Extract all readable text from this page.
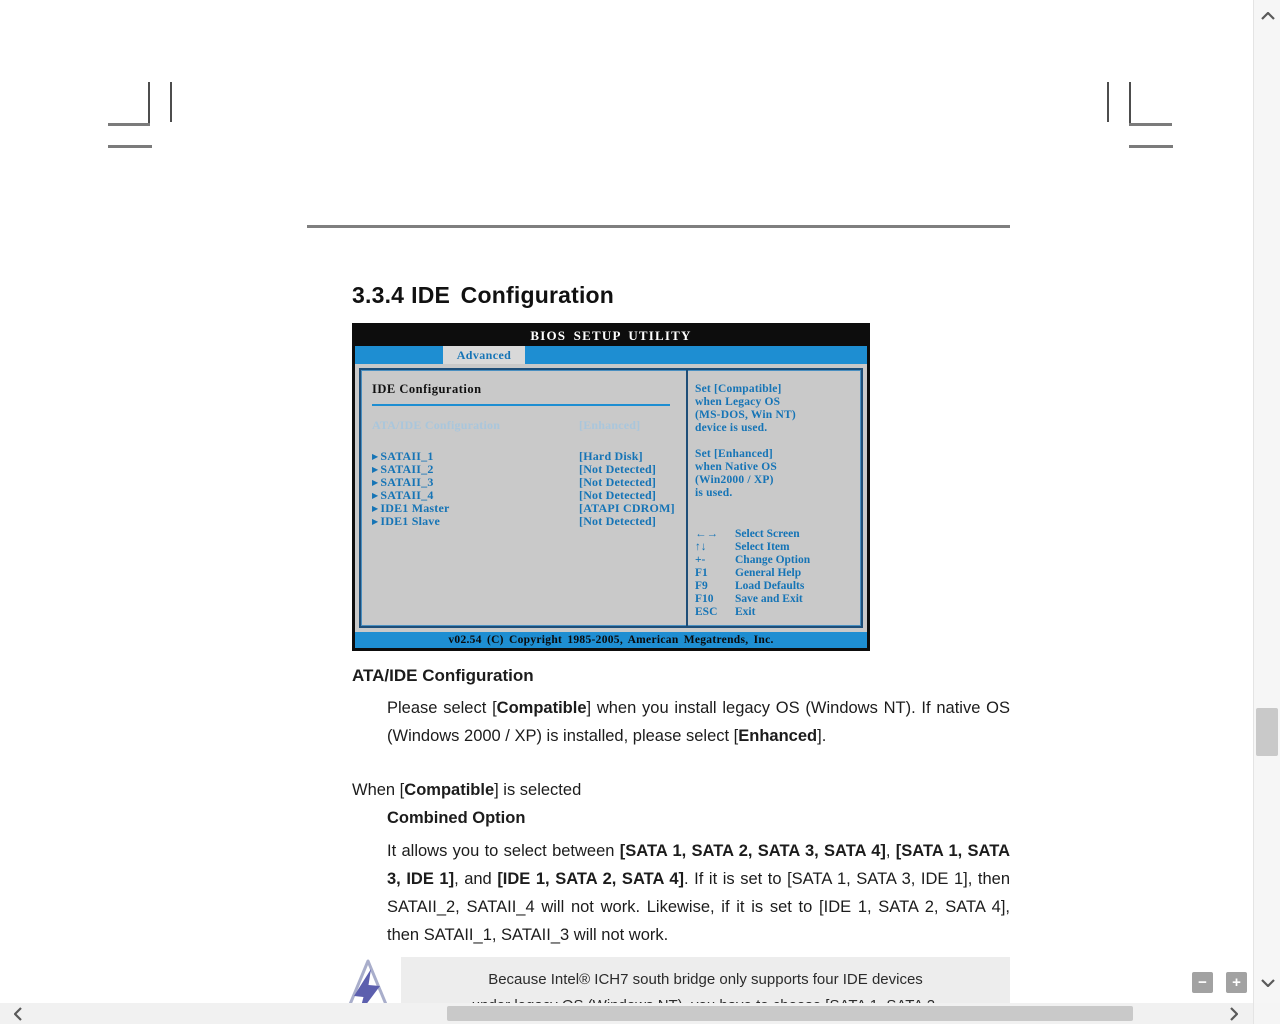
3.3.4 IDE Configuration
BIOS SETUP UTILITY
Advanced
IDE Configuration
ATA/IDE Configuration	[Enhanced]
▶ SATAII_1	[Hard Disk]
▶ SATAII_2	[Not Detected]
▶ SATAII_3	[Not Detected]
▶ SATAII_4	[Not Detected]
▶ IDE1 Master	[ATAPI CDROM]
▶ IDE1 Slave	[Not Detected]
Set [Compatible]
when Legacy OS
(MS-DOS, Win NT)
device is used.
Set [Enhanced]
when Native OS
(Win2000 / XP)
is used.
←→ Select Screen
↑↓ Select Item
+-	Change Option
F1 General Help
F9 Load Defaults
F10 Save and Exit
ESC Exit
v02.54 (C) Copyright 1985-2005, American Megatrends, Inc.
ATA/IDE Configuration

Please select [Compatible] when you install legacy OS (Windows NT). If native OS (Windows 2000 / XP) is installed, please select [Enhanced].

When [Compatible] is selected
Combined Option

It allows you to select between [SATA 1, SATA 2, SATA 3, SATA 4], [SATA 1, SATA 3, IDE 1], and [IDE 1, SATA 2, SATA 4]. If it is set to [SATA 1, SATA 3, IDE 1], then SATAII_2, SATAII_4 will not work. Likewise, if it is set to [IDE 1, SATA 2, SATA 4], then SATAII_1, SATAII_3 will not work.

Because Intel® ICH7 south bridge only supports four IDE devices	−	+
